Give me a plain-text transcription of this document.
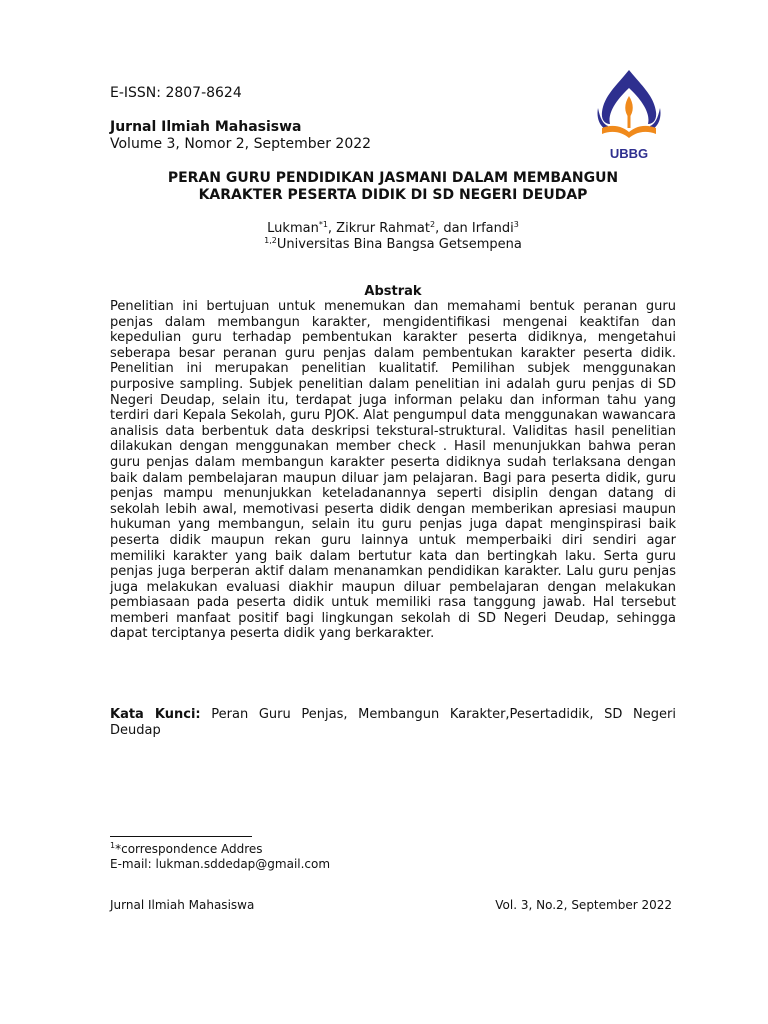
E-ISSN: 2807-8624
Jurnal Ilmiah Mahasiswa
Volume 3, Nomor 2, September 2022
UBBG
PERAN GURU PENDIDIKAN JASMANI DALAM MEMBANGUN
KARAKTER PESERTA DIDIK DI SD NEGERI DEUDAP
Lukman$^{*1}$, Zikrur Rahmat$^2$, dan Irfandi$^3$
$^{1,2}$Universitas Bina Bangsa Getsempena
Abstrak
Penelitian ini bertujuan untuk menemukan dan memahami bentuk peranan guru penjas dalam membangun karakter, mengidentifikasi mengenai keaktifan dan kepedulian guru terhadap pembentukan karakter peserta didiknya, mengetahui seberapa besar peranan guru penjas dalam pembentukan karakter peserta didik. Penelitian ini merupakan penelitian kualitatif. Pemilihan subjek menggunakan purposive sampling. Subjek penelitian dalam penelitian ini adalah guru penjas di SD Negeri Deudap, selain itu, terdapat juga informan pelaku dan informan tahu yang terdiri dari Kepala Sekolah, guru PJOK. Alat pengumpul data menggunakan wawancara analisis data berbentuk data deskripsi tekstural-struktural. Validitas hasil penelitian dilakukan dengan menggunakan member check . Hasil menunjukkan bahwa peran guru penjas dalam membangun karakter peserta didiknya sudah terlaksana dengan baik dalam pembelajaran maupun diluar jam pelajaran. Bagi para peserta didik, guru penjas mampu menunjukkan keteladanannya seperti disiplin dengan datang di sekolah lebih awal, memotivasi peserta didik dengan memberikan apresiasi maupun hukuman yang membangun, selain itu guru penjas juga dapat menginspirasi baik peserta didik maupun rekan guru lainnya untuk memperbaiki diri sendiri agar memiliki karakter yang baik dalam bertutur kata dan bertingkah laku. Serta guru penjas juga berperan aktif dalam menanamkan pendidikan karakter. Lalu guru penjas juga melakukan evaluasi diakhir maupun diluar pembelajaran dengan melakukan pembiasaan pada peserta didik untuk memiliki rasa tanggung jawab. Hal tersebut memberi manfaat positif bagi lingkungan sekolah di SD Negeri Deudap, sehingga dapat terciptanya peserta didik yang berkarakter.
Kata Kunci: Peran Guru Penjas, Membangun Karakter,Pesertadidik, SD Negeri Deudap
$^1$*correspondence Addres
E-mail: lukman.sddedap@gmail.com
Jurnal Ilmiah Mahasiswa	Vol. 3, No.2, September 2022
